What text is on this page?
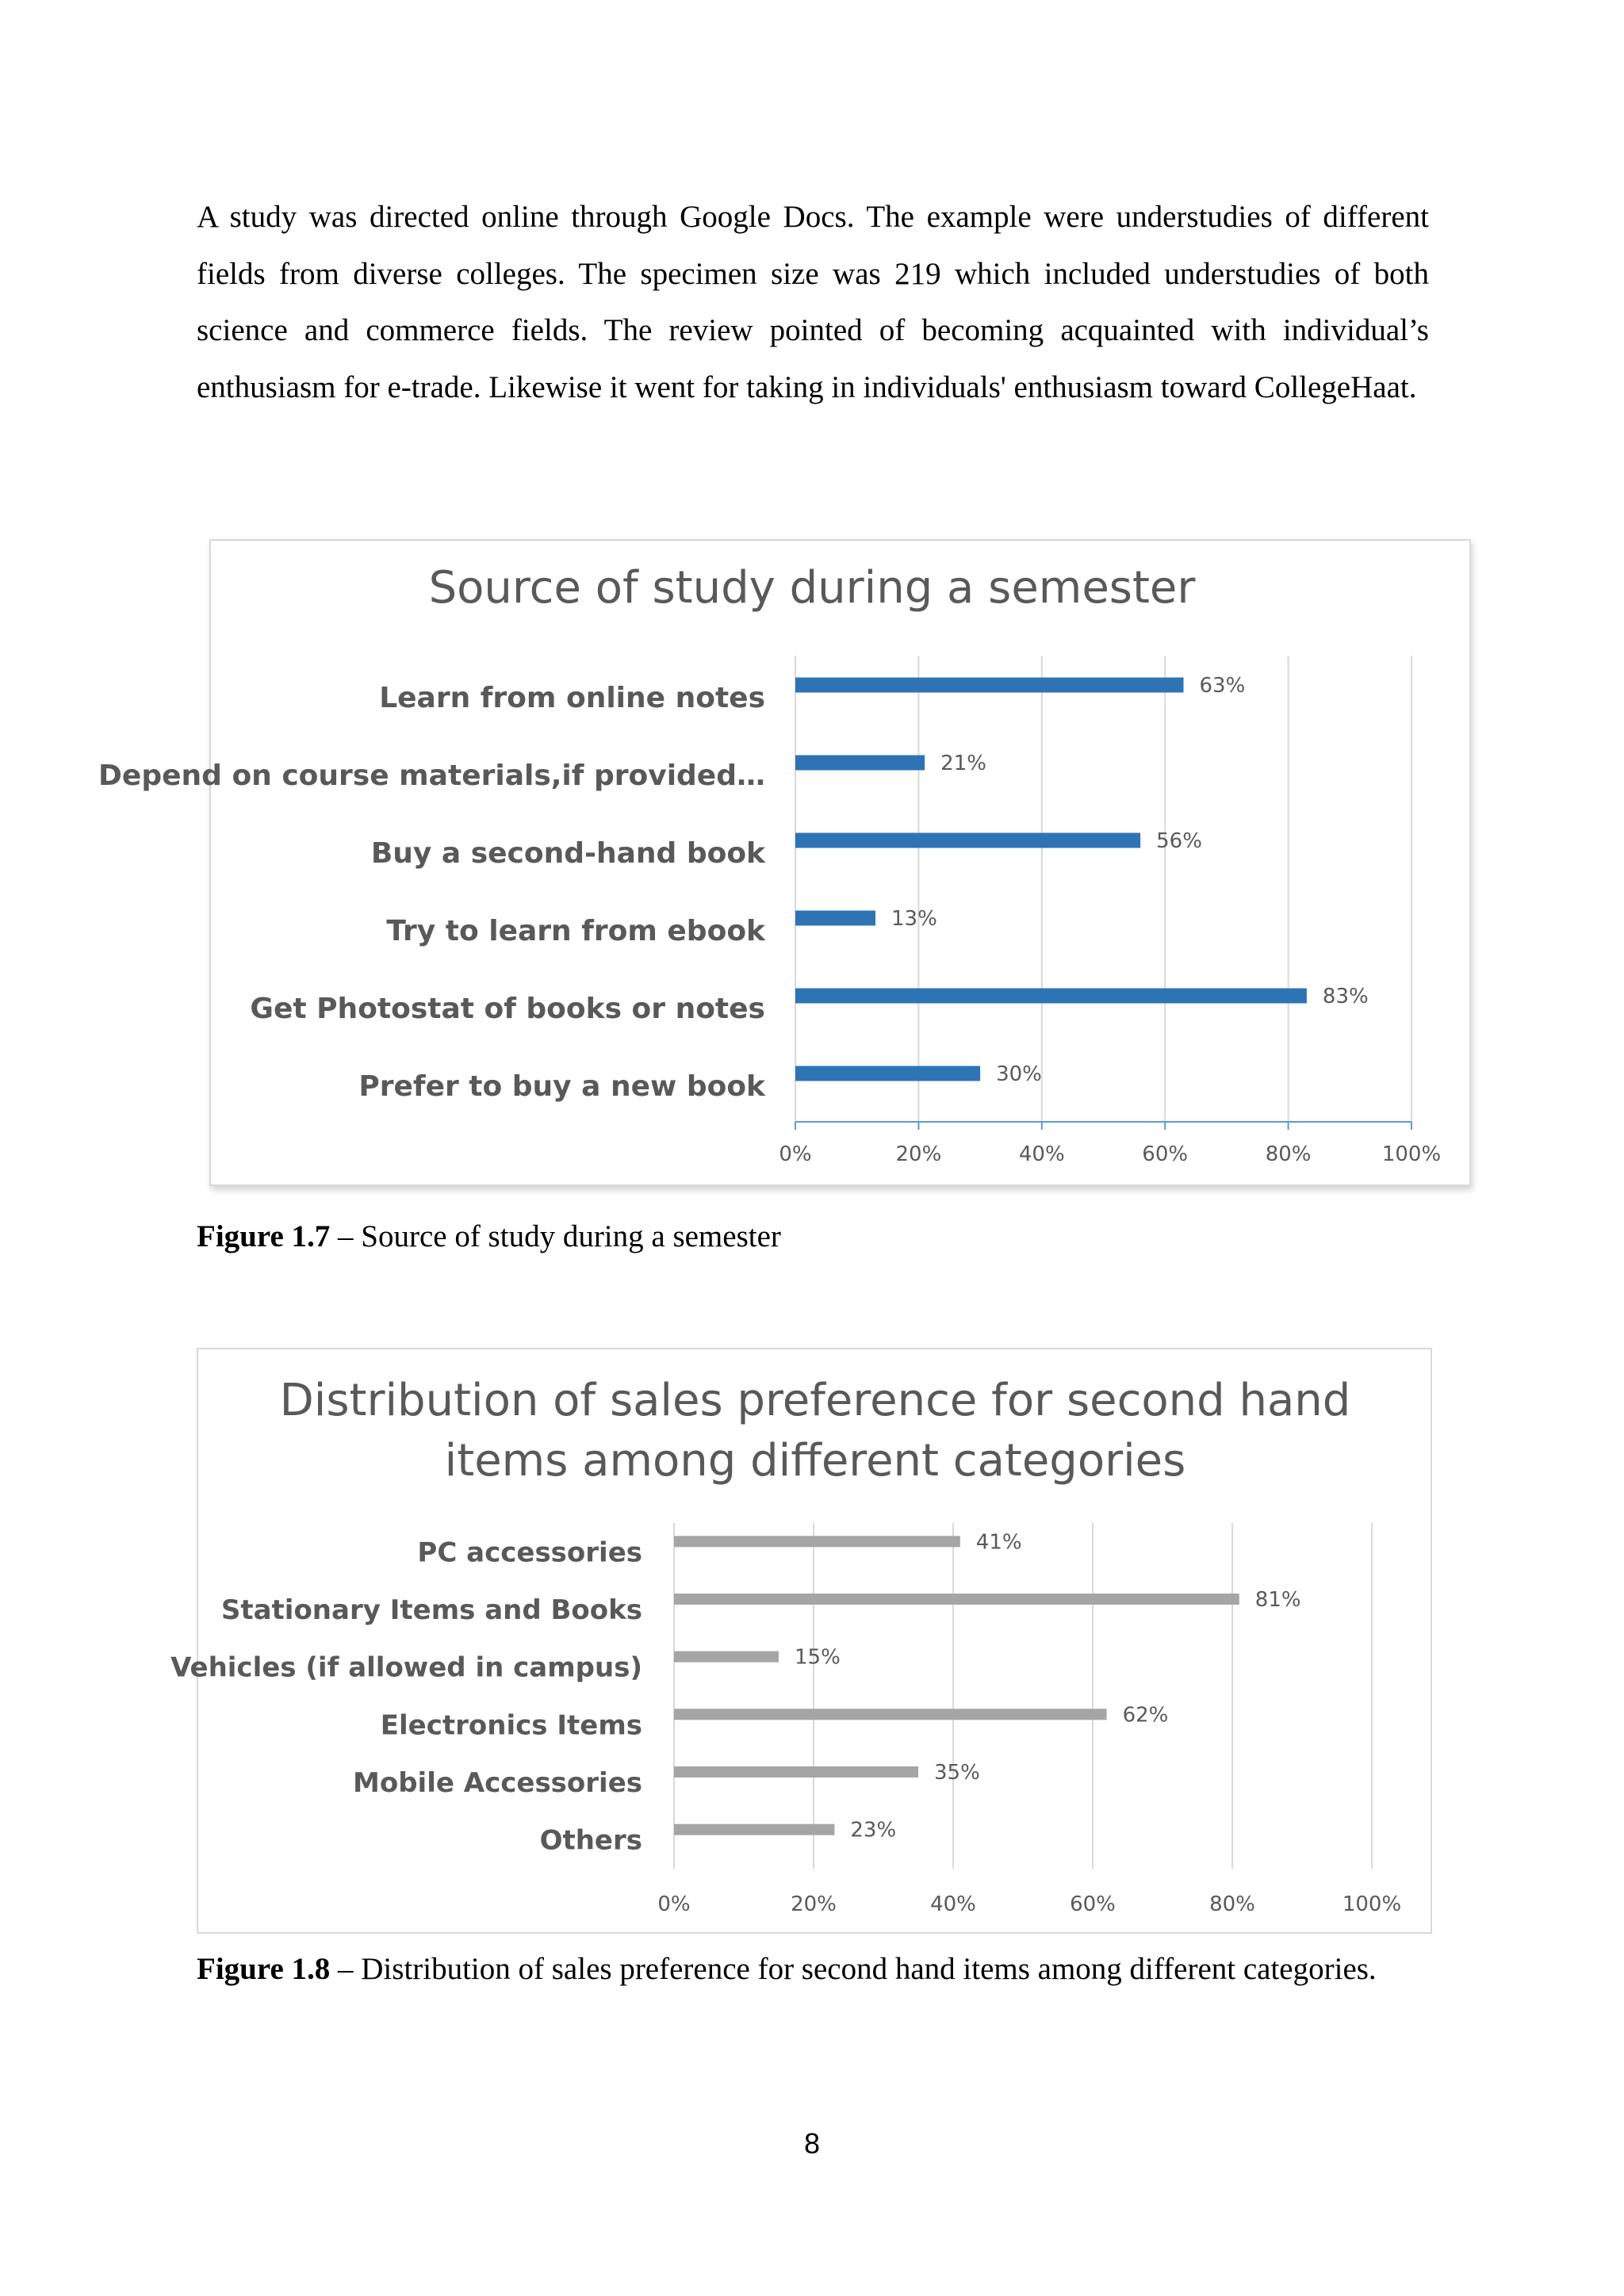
A study was directed online through Google Docs. The example were understudies of different fields from diverse colleges. The specimen size was 219 which included understudies of both science and commerce fields. The review pointed of becoming acquainted with individual’s enthusiasm for e-trade. Likewise it went for taking in individuals' enthusiasm toward CollegeHaat.

Source of study during a semester
0%	20%	40%	60%	80%	100%
63%
Learn from online notes
21%
Depend on course materials,if provided…
56%
Buy a second-hand book
13%
Try to learn from ebook
83%
Get Photostat of books or notes
30%
Prefer to buy a new book

Figure 1.7 – Source of study during a semester

Distribution of sales preference for second hand
items among different categories
0%	20%	40%	60%	80%	100%
41%
PC accessories
81%
Stationary Items and Books
15%
Vehicles (if allowed in campus)
62%
Electronics Items
35%
Mobile Accessories
23%
Others

Figure 1.8 – Distribution of sales preference for second hand items among different categories.

8
